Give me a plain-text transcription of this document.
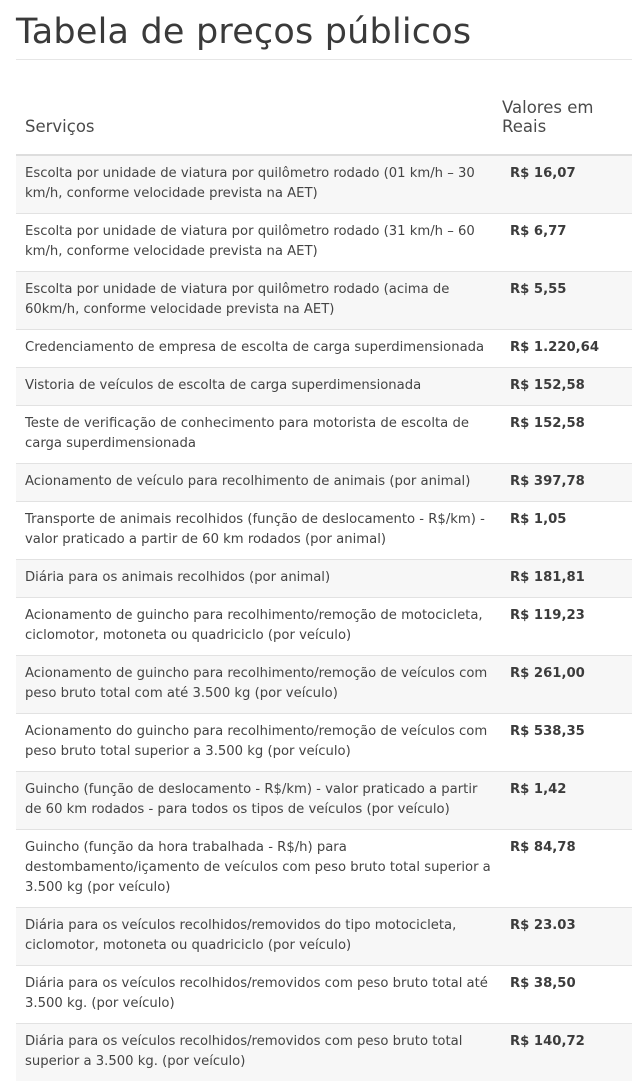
Tabela de preços públicos
Serviços	Valores em Reais
Escolta por unidade de viatura por quilômetro rodado (01 km/h – 30 km/h, conforme velocidade prevista na AET)	R$ 16,07
Escolta por unidade de viatura por quilômetro rodado (31 km/h – 60 km/h, conforme velocidade prevista na AET)	R$ 6,77
Escolta por unidade de viatura por quilômetro rodado (acima de 60km/h, conforme velocidade prevista na AET)	R$ 5,55
Credenciamento de empresa de escolta de carga superdimensionada	R$ 1.220,64
Vistoria de veículos de escolta de carga superdimensionada	R$ 152,58
Teste de verificação de conhecimento para motorista de escolta de carga superdimensionada	R$ 152,58
Acionamento de veículo para recolhimento de animais (por animal)	R$ 397,78
Transporte de animais recolhidos (função de deslocamento - R$/km) - valor praticado a partir de 60 km rodados (por animal)	R$ 1,05
Diária para os animais recolhidos (por animal)	R$ 181,81
Acionamento de guincho para recolhimento/remoção de motocicleta, ciclomotor, motoneta ou quadriciclo (por veículo)	R$ 119,23
Acionamento de guincho para recolhimento/remoção de veículos com peso bruto total com até 3.500 kg (por veículo)	R$ 261,00
Acionamento do guincho para recolhimento/remoção de veículos com peso bruto total superior a 3.500 kg (por veículo)	R$ 538,35
Guincho (função de deslocamento - R$/km) - valor praticado a partir de 60 km rodados - para todos os tipos de veículos (por veículo)	R$ 1,42
Guincho (função da hora trabalhada - R$/h) para destombamento/içamento de veículos com peso bruto total superior a 3.500 kg (por veículo)	R$ 84,78
Diária para os veículos recolhidos/removidos do tipo motocicleta, ciclomotor, motoneta ou quadriciclo (por veículo)	R$ 23.03
Diária para os veículos recolhidos/removidos com peso bruto total até 3.500 kg. (por veículo)	R$ 38,50
Diária para os veículos recolhidos/removidos com peso bruto total superior a 3.500 kg. (por veículo)	R$ 140,72
